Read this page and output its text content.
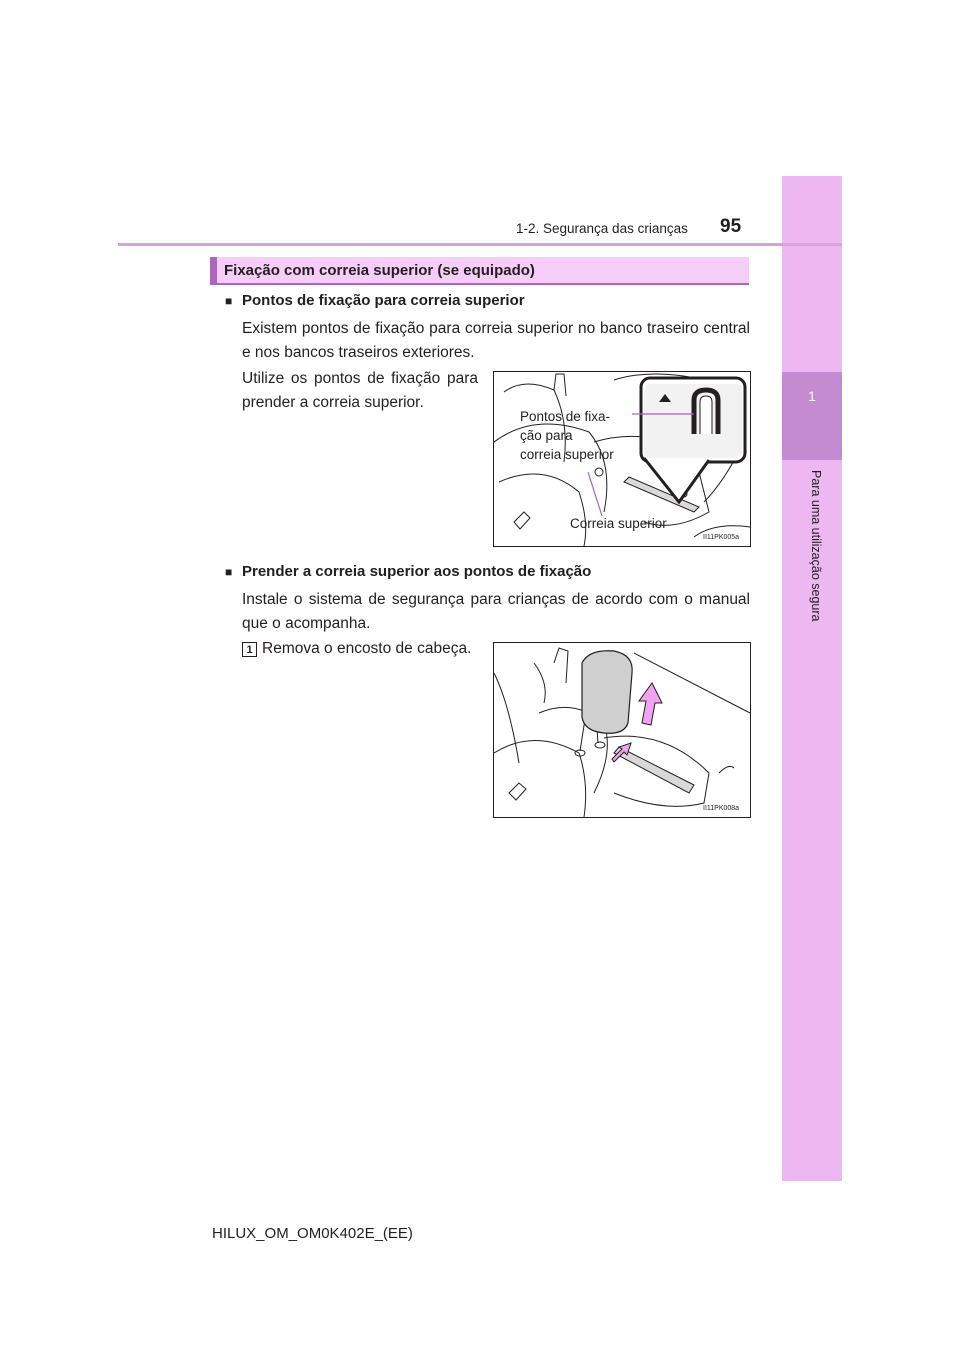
1
Para uma utilização segura
1-2. Segurança das crianças 95
Fixação com correia superior (se equipado)
■ Pontos de fixação para correia superior
Existem pontos de fixação para correia superior no banco traseiro central e nos bancos traseiros exteriores.
Utilize os pontos de fixação para prender a correia superior.
Pontos de fixa-
ção para
correia superior
Correia superior
II11PK005a
■ Prender a correia superior aos pontos de fixação
Instale o sistema de segurança para crianças de acordo com o manual que o acompanha.
1 Remova o encosto de cabeça.
II11PK008a
HILUX_OM_OM0K402E_(EE)
